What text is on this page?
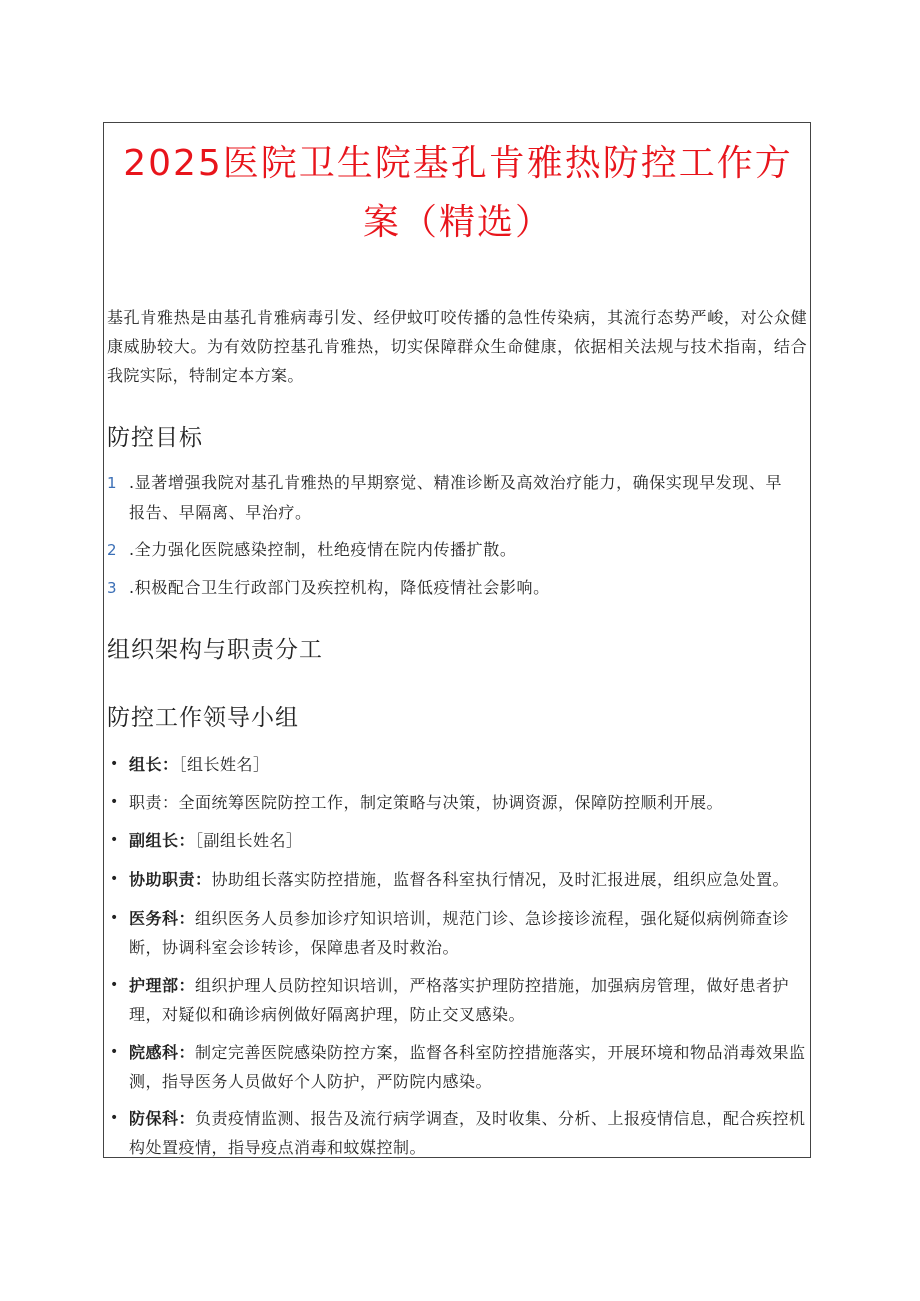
2025医院卫生院基孔肯雅热防控工作方
案（精选）

基孔肯雅热是由基孔肯雅病毒引发、经伊蚊叮咬传播的急性传染病，其流行态势严峻，对公众健康威胁较大。为有效防控基孔肯雅热，切实保障群众生命健康，依据相关法规与技术指南，结合我院实际，特制定本方案。

防控目标
1 .显著增强我院对基孔肯雅热的早期察觉、精准诊断及高效治疗能力，确保实现早发现、早
报告、早隔离、早治疗。
2 .全力强化医院感染控制，杜绝疫情在院内传播扩散。
3 .积极配合卫生行政部门及疾控机构，降低疫情社会影响。
组织架构与职责分工
防控工作领导小组
• 组长：［组长姓名］
• 职责：全面统筹医院防控工作，制定策略与决策，协调资源，保障防控顺利开展。
• 副组长：［副组长姓名］
• 协助职责：协助组长落实防控措施，监督各科室执行情况，及时汇报进展，组织应急处置。
• 医务科：组织医务人员参加诊疗知识培训，规范门诊、急诊接诊流程，强化疑似病例筛查诊断，协调科室会诊转诊，保障患者及时救治。
• 护理部：组织护理人员防控知识培训，严格落实护理防控措施，加强病房管理，做好患者护理，对疑似和确诊病例做好隔离护理，防止交叉感染。
• 院感科：制定完善医院感染防控方案，监督各科室防控措施落实，开展环境和物品消毒效果监测，指导医务人员做好个人防护，严防院内感染。
• 防保科：负责疫情监测、报告及流行病学调查，及时收集、分析、上报疫情信息，配合疾控机构处置疫情，指导疫点消毒和蚊媒控制。
